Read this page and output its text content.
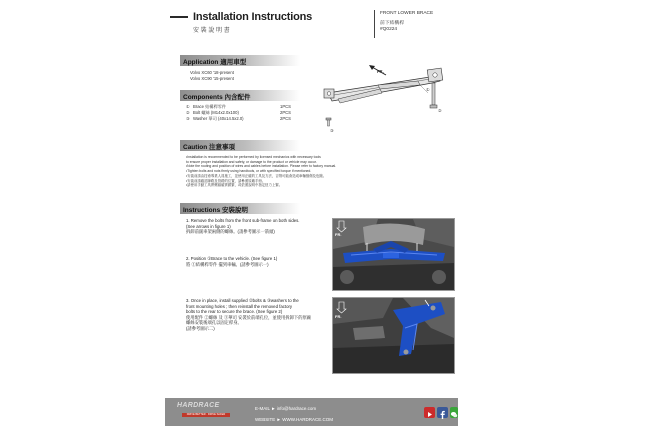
Installation Instructions
安 裝 說 明 書
FRONT LOWER BRACE
前下結構桿
#Q0224
Application 適用車型
Volvo XC60 '18-present
Volvo XC90 '15-present
Components 內含配件
① Brace 結構桿零件	1PCS
② Bolt 螺絲 (M14x2.0x100)	2PCS
③ Washer 華司 (40x14.5x2.0)	2PCS
FR.
①
②
③
Caution 注意事項
•Installation is recommended to be performed by licensed mechanics with necessary tools
to ensure proper installation and safety, or damage to the product or vehicle may occur.
•Note the routing and position of wires and cables before installation. Please refer to factory manual.
•Tighten bolts and nuts firmly using handtools, or with specified torque if mentioned.
•安裝前請由技術專業人員施工，並使用正確的工具及方法，否則可能會造成車輛損傷及危險。
•安裝前請確認線路及管路的位置，請參照原廠手冊。
•請使用手動工具將螺絲確實鎖緊，或依照說明中指定扭力上緊。
Instructions 安裝說明
1. Remove the bolts from the front sub-frame on both sides.
(See arrows in figure 1)
拆卸前副車架兩側的螺絲。(請參考圖示一箭頭)
2. Position ①Brace to the vehicle. (See figure 1)
將 ①結構桿零件 擺到車輛。(請參考圖示一)
3. Once in place, install supplied ②bolts & ③washers to the
front mounting holes ; then reinstall the removed factory
bolts to the rear to secure the brace. (See figure 2)
使用配件 ②螺絲 及 ③華司 安裝於前端孔位，並使用拆卸下的原廠
螺絲安裝後端孔以固定桿身。
(請參考圖示二)
FR.
FR.
HARDRACE
DRIVE BETTER · DRIVE SAFER
E-MAIL ► info@hardrace.com
WEBSITE ► WWW.HARDRACE.COM
